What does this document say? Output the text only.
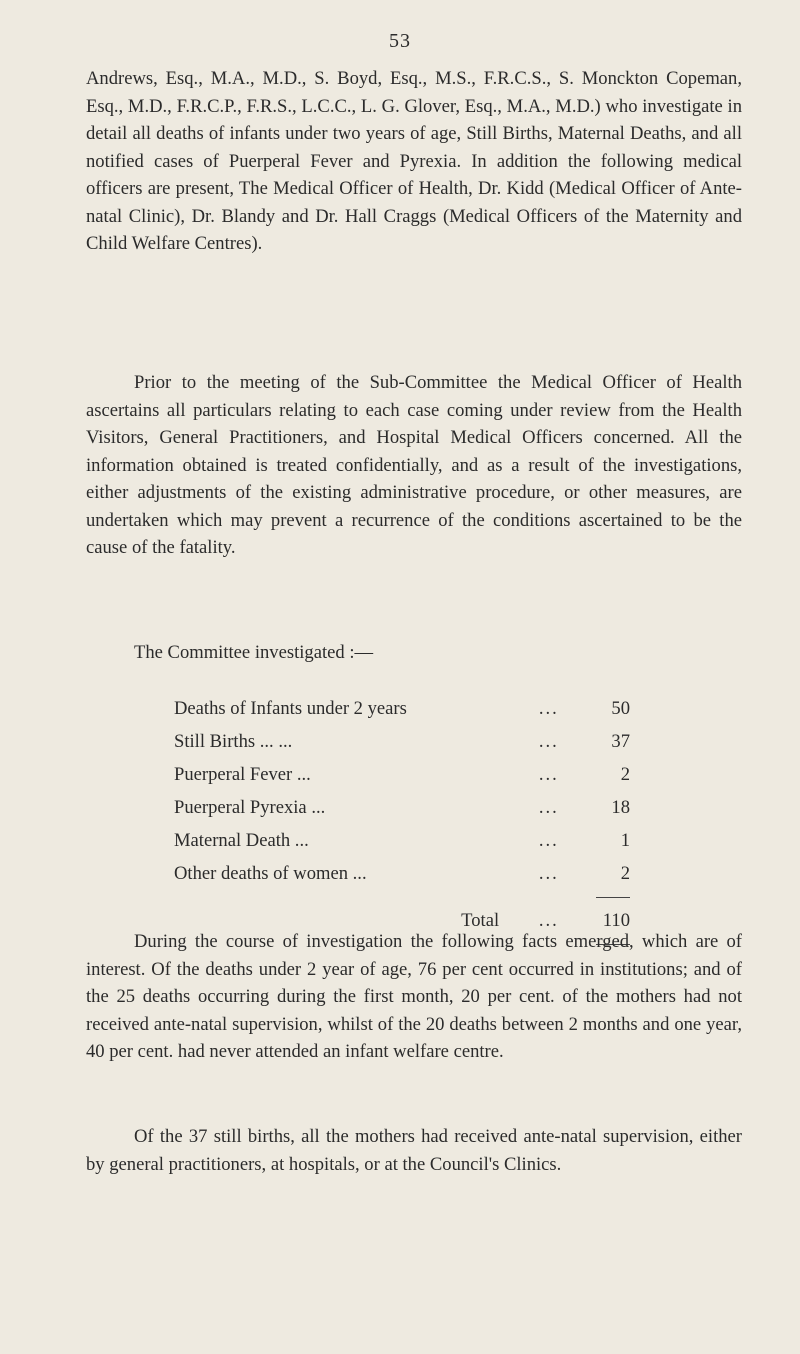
53

Andrews, Esq., M.A., M.D., S. Boyd, Esq., M.S., F.R.C.S., S. Monckton Copeman, Esq., M.D., F.R.C.P., F.R.S., L.C.C., L. G. Glover, Esq., M.A., M.D.) who investigate in detail all deaths of infants under two years of age, Still Births, Maternal Deaths, and all notified cases of Puerperal Fever and Pyrexia. In addition the following medical officers are present, The Medical Officer of Health, Dr. Kidd (Medical Officer of Ante-natal Clinic), Dr. Blandy and Dr. Hall Craggs (Medical Officers of the Maternity and Child Welfare Centres).

Prior to the meeting of the Sub-Committee the Medical Officer of Health ascertains all particulars relating to each case coming under review from the Health Visitors, General Practitioners, and Hospital Medical Officers concerned. All the information obtained is treated confidentially, and as a result of the investigations, either adjustments of the existing administrative procedure, or other measures, are undertaken which may prevent a recurrence of the conditions ascertained to be the cause of the fatality.

The Committee investigated :—

Deaths of Infants under 2 years	...	50
Still Births ... ...	...	37
Puerperal Fever ...	...	2
Puerperal Pyrexia ...	...	18
Maternal Death ...	...	1
Other deaths of women ...	...	2

Total	...	110

During the course of investigation the following facts emerged, which are of interest. Of the deaths under 2 year of age, 76 per cent occurred in institutions; and of the 25 deaths occurring during the first month, 20 per cent. of the mothers had not received ante-natal supervision, whilst of the 20 deaths between 2 months and one year, 40 per cent. had never attended an infant welfare centre.

Of the 37 still births, all the mothers had received ante-natal supervision, either by general practitioners, at hospitals, or at the Council's Clinics.
